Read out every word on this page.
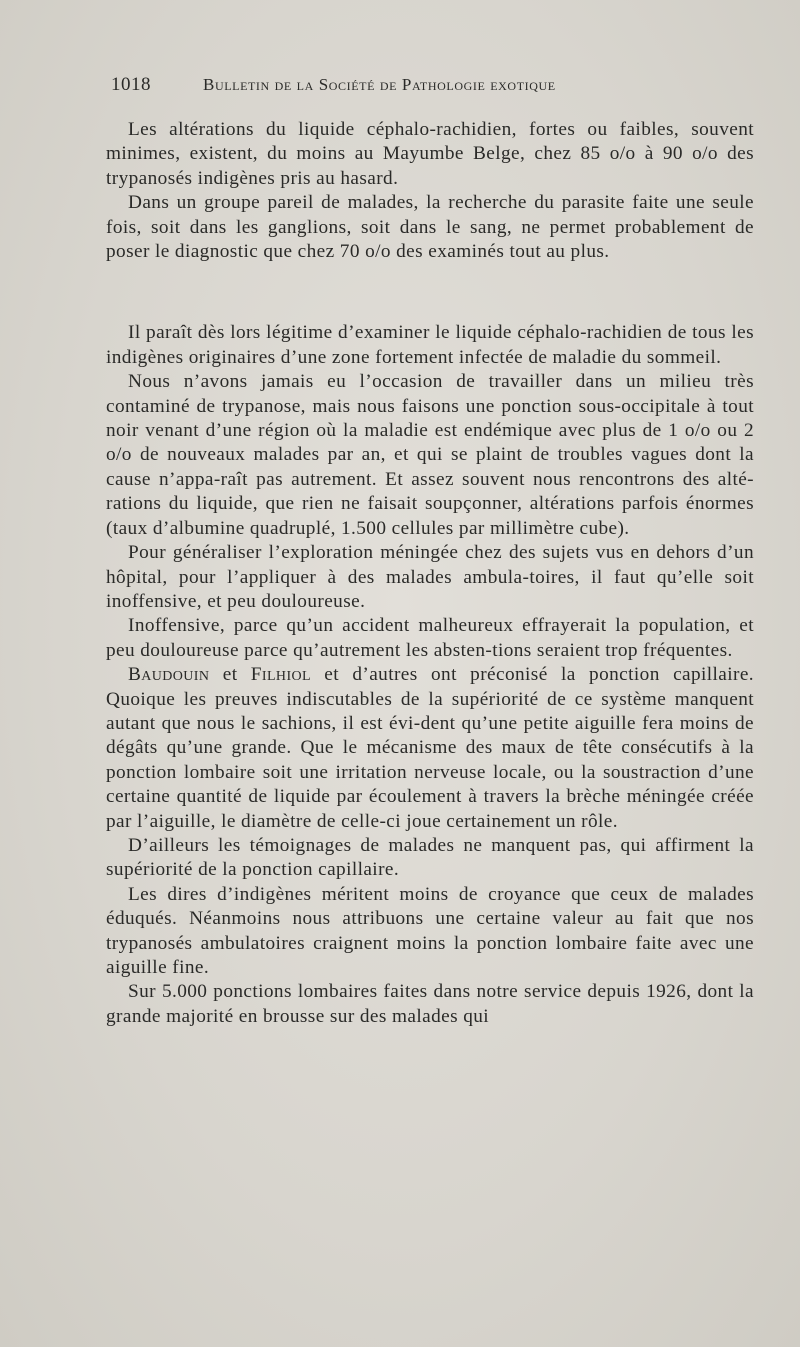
1018	Bulletin de la Société de Pathologie exotique

Les altérations du liquide céphalo-rachidien, fortes ou faibles, souvent minimes, existent, du moins au Mayumbe Belge, chez 85 o/o à 90 o/o des trypanosés indigènes pris au hasard.

Dans un groupe pareil de malades, la recherche du parasite faite une seule fois, soit dans les ganglions, soit dans le sang, ne permet probablement de poser le diagnostic que chez 70 o/o des examinés tout au plus.

Il paraît dès lors légitime d’examiner le liquide céphalo-rachidien de tous les indigènes originaires d’une zone fortement infectée de maladie du sommeil.

Nous n’avons jamais eu l’occasion de travailler dans un milieu très contaminé de trypanose, mais nous faisons une ponction sous-occipitale à tout noir venant d’une région où la maladie est endémique avec plus de 1 o/o ou 2 o/o de nouveaux malades par an, et qui se plaint de troubles vagues dont la cause n’appa-raît pas autrement. Et assez souvent nous rencontrons des alté-rations du liquide, que rien ne faisait soupçonner, altérations parfois énormes (taux d’albumine quadruplé, 1.500 cellules par millimètre cube).

Pour généraliser l’exploration méningée chez des sujets vus en dehors d’un hôpital, pour l’appliquer à des malades ambula-toires, il faut qu’elle soit inoffensive, et peu douloureuse.

Inoffensive, parce qu’un accident malheureux effrayerait la population, et peu douloureuse parce qu’autrement les absten-tions seraient trop fréquentes.

Baudouin et Filhiol et d’autres ont préconisé la ponction capillaire. Quoique les preuves indiscutables de la supériorité de ce système manquent autant que nous le sachions, il est évi-dent qu’une petite aiguille fera moins de dégâts qu’une grande. Que le mécanisme des maux de tête consécutifs à la ponction lombaire soit une irritation nerveuse locale, ou la soustraction d’une certaine quantité de liquide par écoulement à travers la brèche méningée créée par l’aiguille, le diamètre de celle-ci joue certainement un rôle.

D’ailleurs les témoignages de malades ne manquent pas, qui affirment la supériorité de la ponction capillaire.

Les dires d’indigènes méritent moins de croyance que ceux de malades éduqués. Néanmoins nous attribuons une certaine valeur au fait que nos trypanosés ambulatoires craignent moins la ponction lombaire faite avec une aiguille fine.

Sur 5.000 ponctions lombaires faites dans notre service depuis 1926, dont la grande majorité en brousse sur des malades qui
